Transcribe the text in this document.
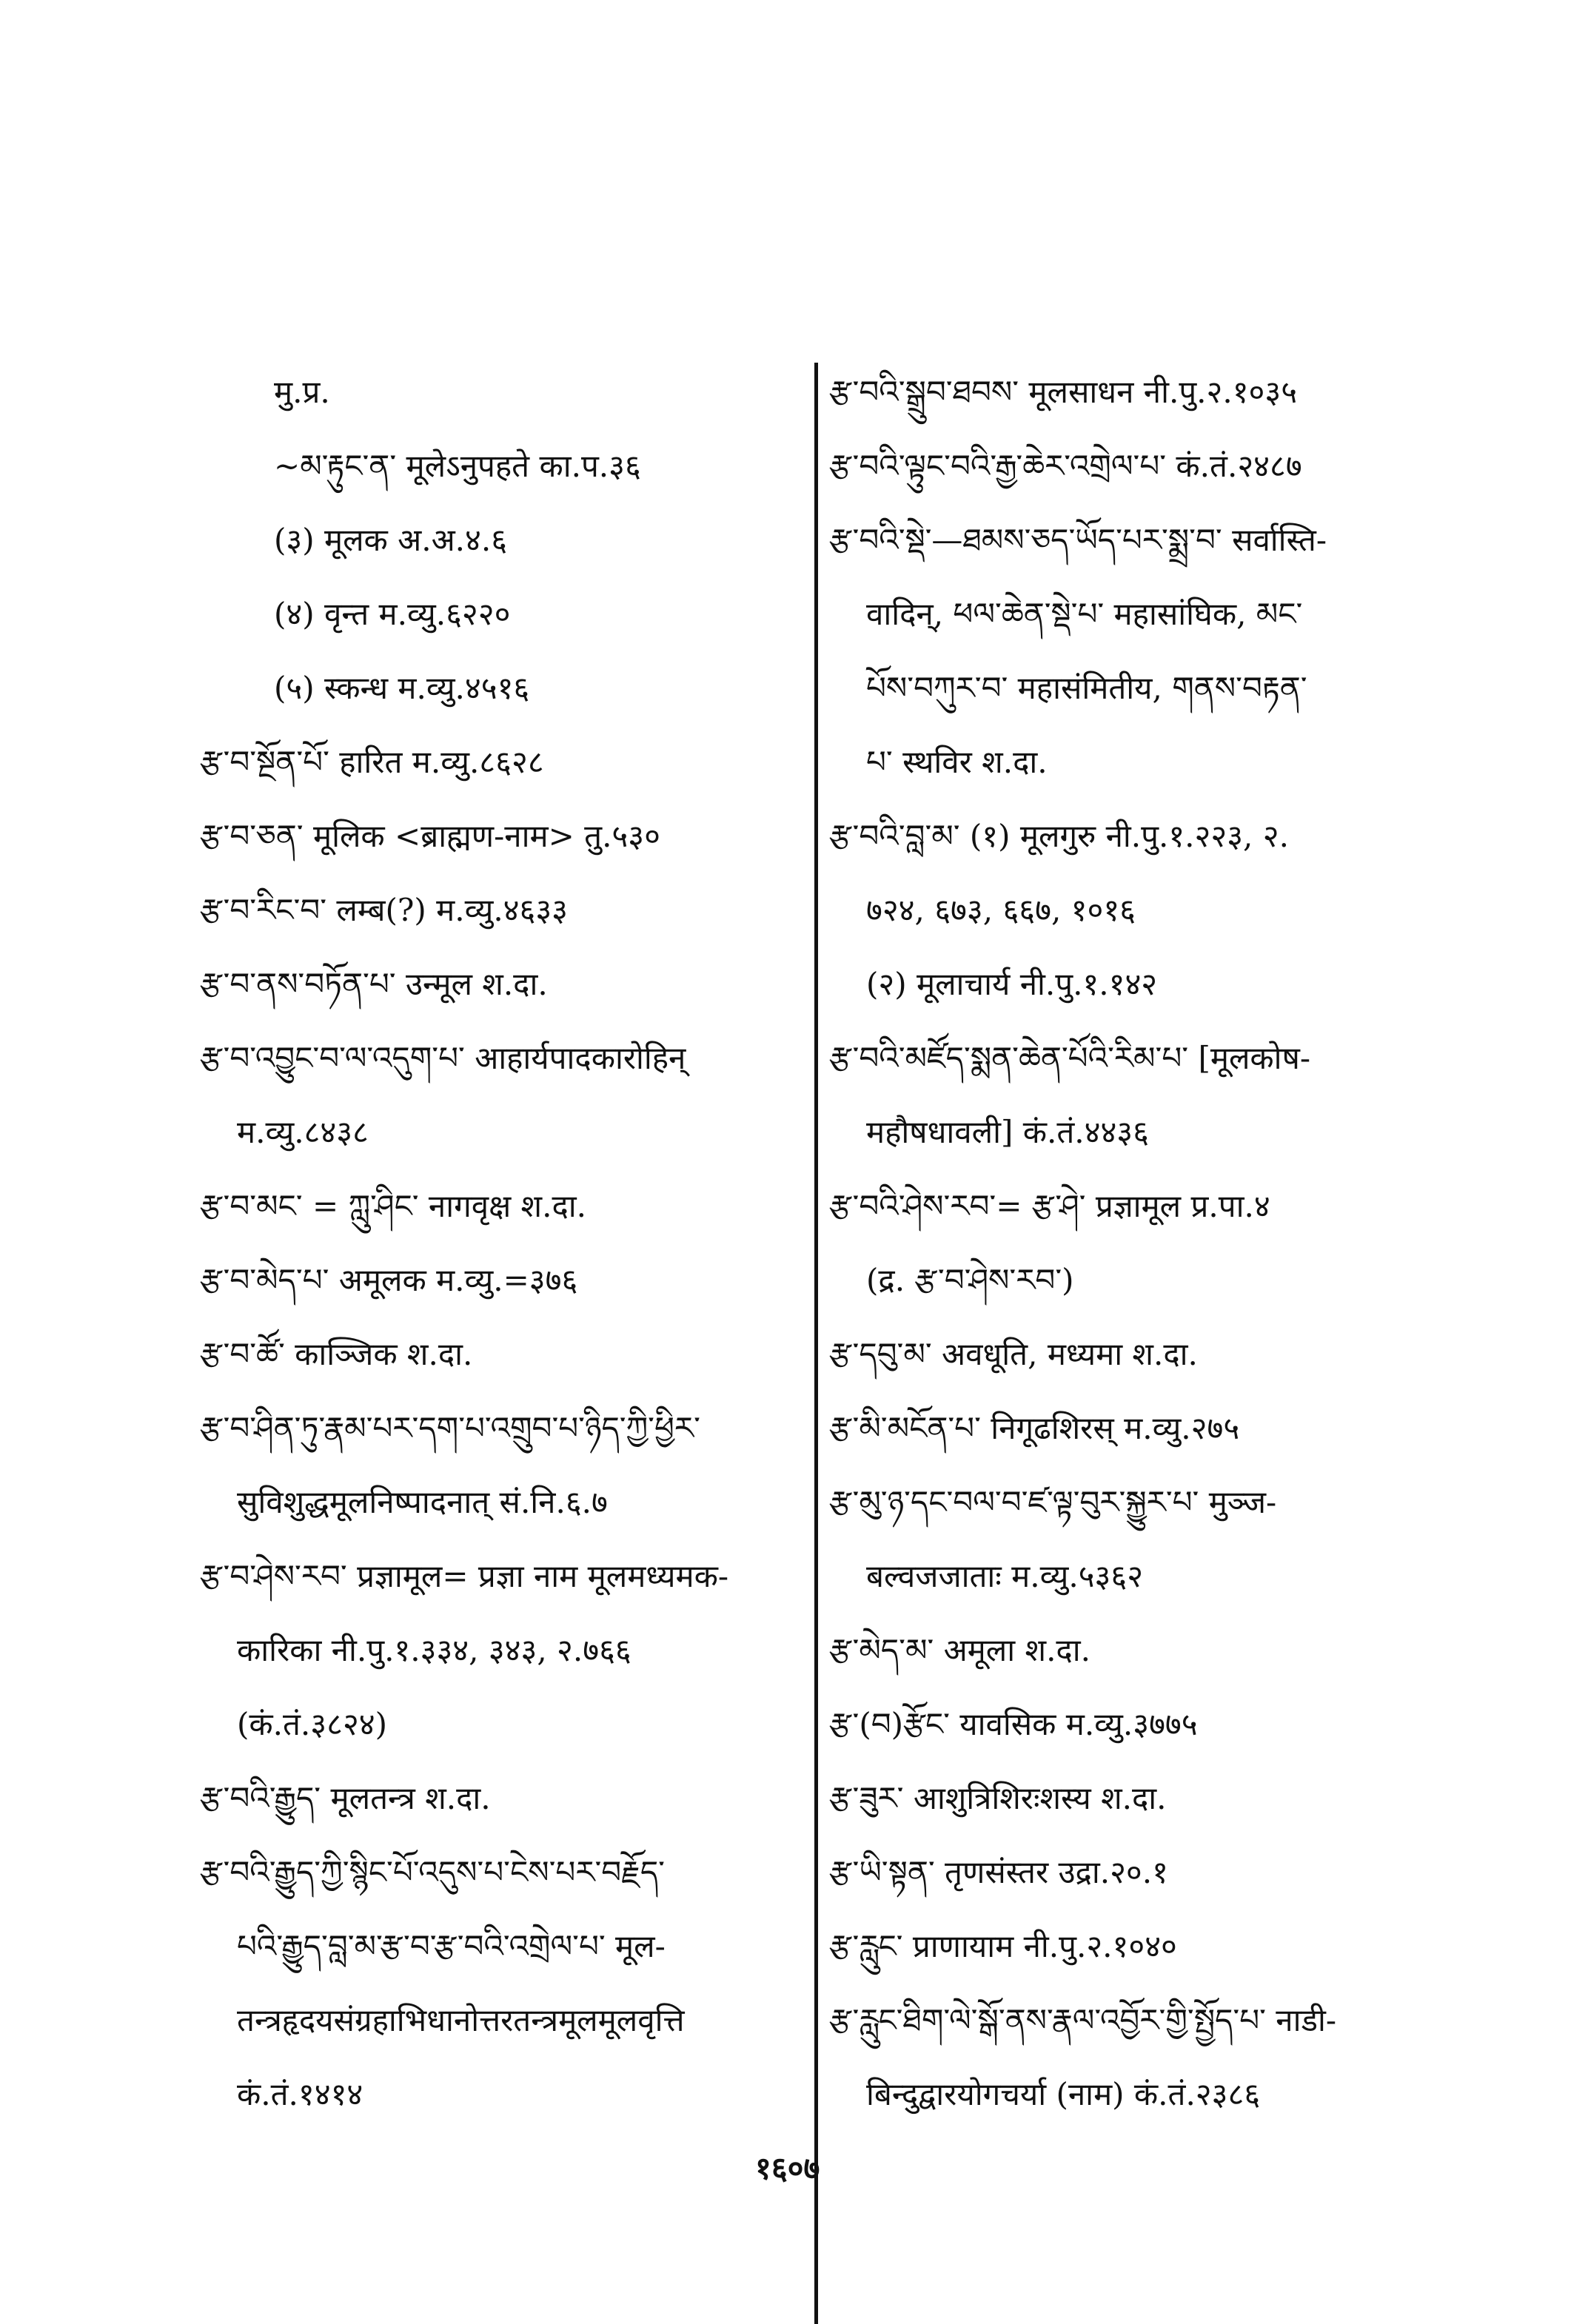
मु.प्र.
~མ་རྟུང་ན་ मूलेऽनुपहते का.प.३६
(३) मूलक अ.अ.४.६
(४) वृन्त म.व्यु.६२२०
(५) स्कन्ध म.व्यु.४५१६
རྩ་བ་སྔོན་པོ་ हारित म.व्यु.८६२८
རྩ་བ་ཅན་ मूलिक <ब्राह्मण-नाम> तु.५३०
རྩ་བ་རིང་བ་ लम्ब(?) म.व्यु.४६३३
རྩ་བ་ནས་བཏོན་པ་ उन्मूल श.दा.
རྩ་བ་འབྱུང་བ་ལ་འདུག་པ་ आहार्यपादकारोहिन्
म.व्यु.८४३८
རྩ་བ་མང་ = ཀླུ་ཤིང་ नागवृक्ष श.दा.
རྩ་བ་མེད་པ་ अमूलक म.व्यु.=३७६
རྩ་བ་ཚོ་ काञ्जिक श.दा.
རྩ་བ་ཤིན་ཏུ་རྣམ་པར་དག་པ་འགྲུབ་པ་ཉིད་ཀྱི་ཕྱིར་
सुविशुद्धमूलनिष्पादनात् सं.नि.६.७
རྩ་བ་ཤེས་རབ་ प्रज्ञामूल= प्रज्ञा नाम मूलमध्यमक-
कारिका नी.पु.१.३३४, ३४३, २.७६६
(कं.तं.३८२४)
རྩ་བའི་རྒྱུད་ मूलतन्त्र श.दा.
རྩ་བའི་རྒྱུད་ཀྱི་སྙིང་པོ་འདུས་པ་ངེས་པར་བརྗོད་
པའི་རྒྱུད་བླ་མ་རྩ་བ་རྩ་བའི་འགྲེལ་པ་ मूल-
तन्त्रहृदयसंग्रहाभिधानोत्तरतन्त्रमूलमूलवृत्ति
कं.तं.१४१४
རྩ་བའི་སྒྲུབ་ཐབས་ मूलसाधन नी.पु.२.१०३५
རྩ་བའི་ལྟུང་བའི་རྒྱ་ཆེར་འགྲེལ་པ་ कं.तं.२४८७
རྩ་བའི་སྡེ་—ཐམས་ཅད་ཡོད་པར་སྨྲ་བ་ सर्वास्ति-
वादिन्, ཕལ་ཆེན་སྡེ་པ་ महासांघिक, མང་
པོས་བཀུར་བ་ महासंमितीय, གནས་བརྟན་
པ་ स्थविर श.दा.
རྩ་བའི་བླ་མ་ (१) मूलगुरु नी.पु.१.२२३, २.
७२४, ६७३, ६६७, १०१६
(२) मूलाचार्य नी.पु.१.१४२
རྩ་བའི་མཛོད་སྨན་ཆེན་པོའི་རིམ་པ་ [मूलकोष-
महौषधावली] कं.तं.४४३६
རྩ་བའི་ཤེས་རབ་= རྩ་ཤེ་ प्रज्ञामूल प्र.पा.४
(द्र. རྩ་བ་ཤེས་རབ་)
རྩ་དབུ་མ་ अवधूति, मध्यमा श.दा.
རྩ་མི་མངོན་པ་ निगूढशिरस् म.व्यु.२७५
རྩ་མུ་ཉ་དང་བལ་བ་ཛ་ལྟ་བུར་སྐྱུར་པ་ मुञ्ज-
बल्वजजाताः म.व्यु.५३६२
རྩ་མེད་མ་ अमूला श.दा.
རྩ་(བ)རྩོང་ यावसिक म.व्यु.३७७५
རྩ་ཟུར་ आशुत्रिशिरःशस्य श.दा.
རྩ་ཡི་སྟན་ तृणसंस्तर उद्रा.२०.१
རྩ་རླུང་ प्राणायाम नी.पु.२.१०४०
རྩ་རླུང་ཐིག་ལེ་སྒོ་ནས་རྣལ་འབྱོར་གྱི་སྤྱོད་པ་ नाडी-
बिन्दुद्वारयोगचर्या (नाम) कं.तं.२३८६
१६०७
